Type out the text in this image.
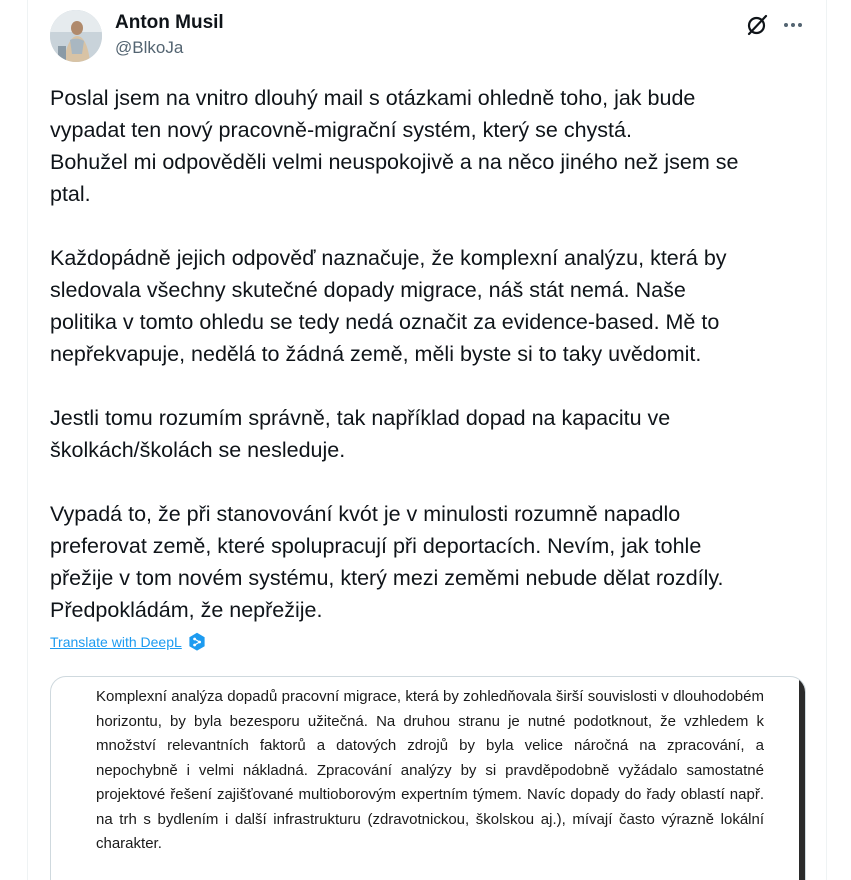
Anton Musil
@BlkoJa

Poslal jsem na vnitro dlouhý mail s otázkami ohledně toho, jak bude
vypadat ten nový pracovně-migrační systém, který se chystá.
Bohužel mi odpověděli velmi neuspokojivě a na něco jiného než jsem se
ptal.

Každopádně jejich odpověď naznačuje, že komplexní analýzu, která by
sledovala všechny skutečné dopady migrace, náš stát nemá. Naše
politika v tomto ohledu se tedy nedá označit za evidence-based. Mě to
nepřekvapuje, nedělá to žádná země, měli byste si to taky uvědomit.

Jestli tomu rozumím správně, tak například dopad na kapacitu ve
školkách/školách se nesleduje.

Vypadá to, že při stanovování kvót je v minulosti rozumně napadlo
preferovat země, které spolupracují při deportacích. Nevím, jak tohle
přežije v tom novém systému, který mezi zeměmi nebude dělat rozdíly.
Předpokládám, že nepřežije.

Translate with DeepL
Komplexní analýza dopadů pracovní migrace, která by zohledňovala širší souvislosti v dlouhodobém horizontu, by byla bezesporu užitečná. Na druhou stranu je nutné podotknout, že vzhledem k množství relevantních faktorů a datových zdrojů by byla velice náročná na zpracování, a nepochybně i velmi nákladná. Zpracování analýzy by si pravděpodobně vyžádalo samostatné projektové řešení zajišťované multioborovým expertním týmem. Navíc dopady do řady oblastí např. na trh s bydlením i další infrastrukturu (zdravotnickou, školskou aj.), mívají často výrazně lokální charakter.
